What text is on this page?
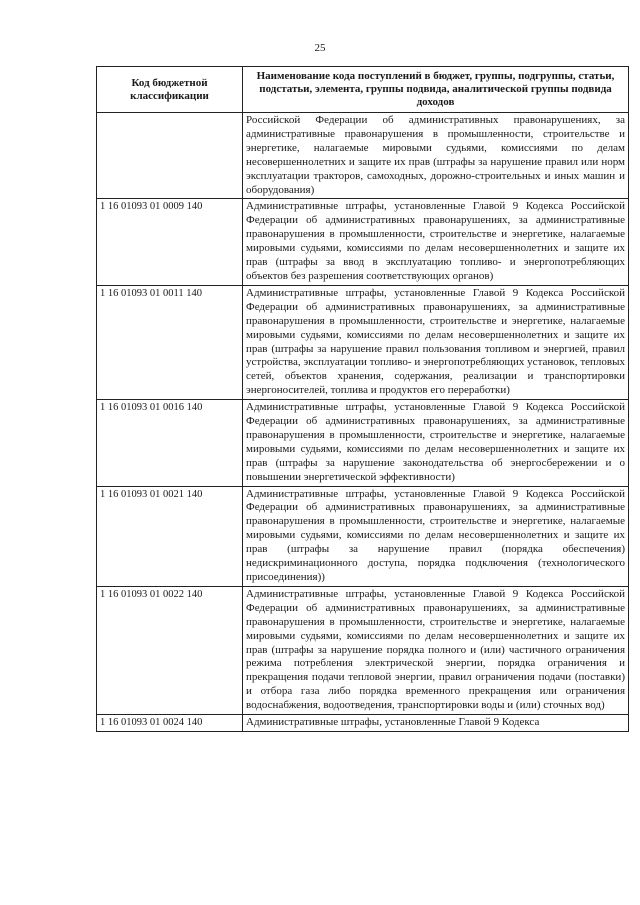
25
Код бюджетной классификации	Наименование кода поступлений в бюджет, группы, подгруппы, статьи, подстатьи, элемента, группы подвида, аналитической группы подвида доходов
	Российской Федерации об административных правонарушениях, за административные правонарушения в промышленности, строительстве и энергетике, налагаемые мировыми судьями, комиссиями по делам несовершеннолетних и защите их прав (штрафы за нарушение правил или норм эксплуатации тракторов, самоходных, дорожно-строительных и иных машин и оборудования)
1 16 01093 01 0009 140	Административные штрафы, установленные Главой 9 Кодекса Российской Федерации об административных правонарушениях, за административные правонарушения в промышленности, строительстве и энергетике, налагаемые мировыми судьями, комиссиями по делам несовершеннолетних и защите их прав (штрафы за ввод в эксплуатацию топливо- и энергопотребляющих объектов без разрешения соответствующих органов)
1 16 01093 01 0011 140	Административные штрафы, установленные Главой 9 Кодекса Российской Федерации об административных правонарушениях, за административные правонарушения в промышленности, строительстве и энергетике, налагаемые мировыми судьями, комиссиями по делам несовершеннолетних и защите их прав (штрафы за нарушение правил пользования топливом и энергией, правил устройства, эксплуатации топливо- и энергопотребляющих установок, тепловых сетей, объектов хранения, содержания, реализации и транспортировки энергоносителей, топлива и продуктов его переработки)
1 16 01093 01 0016 140	Административные штрафы, установленные Главой 9 Кодекса Российской Федерации об административных правонарушениях, за административные правонарушения в промышленности, строительстве и энергетике, налагаемые мировыми судьями, комиссиями по делам несовершеннолетних и защите их прав (штрафы за нарушение законодательства об энергосбережении и о повышении энергетической эффективности)
1 16 01093 01 0021 140	Административные штрафы, установленные Главой 9 Кодекса Российской Федерации об административных правонарушениях, за административные правонарушения в промышленности, строительстве и энергетике, налагаемые мировыми судьями, комиссиями по делам несовершеннолетних и защите их прав (штрафы за нарушение правил (порядка обеспечения) недискриминационного доступа, порядка подключения (технологического присоединения))
1 16 01093 01 0022 140	Административные штрафы, установленные Главой 9 Кодекса Российской Федерации об административных правонарушениях, за административные правонарушения в промышленности, строительстве и энергетике, налагаемые мировыми судьями, комиссиями по делам несовершеннолетних и защите их прав (штрафы за нарушение порядка полного и (или) частичного ограничения режима потребления электрической энергии, порядка ограничения и прекращения подачи тепловой энергии, правил ограничения подачи (поставки) и отбора газа либо порядка временного прекращения или ограничения водоснабжения, водоотведения, транспортировки воды и (или) сточных вод)
1 16 01093 01 0024 140	Административные штрафы, установленные Главой 9 Кодекса
